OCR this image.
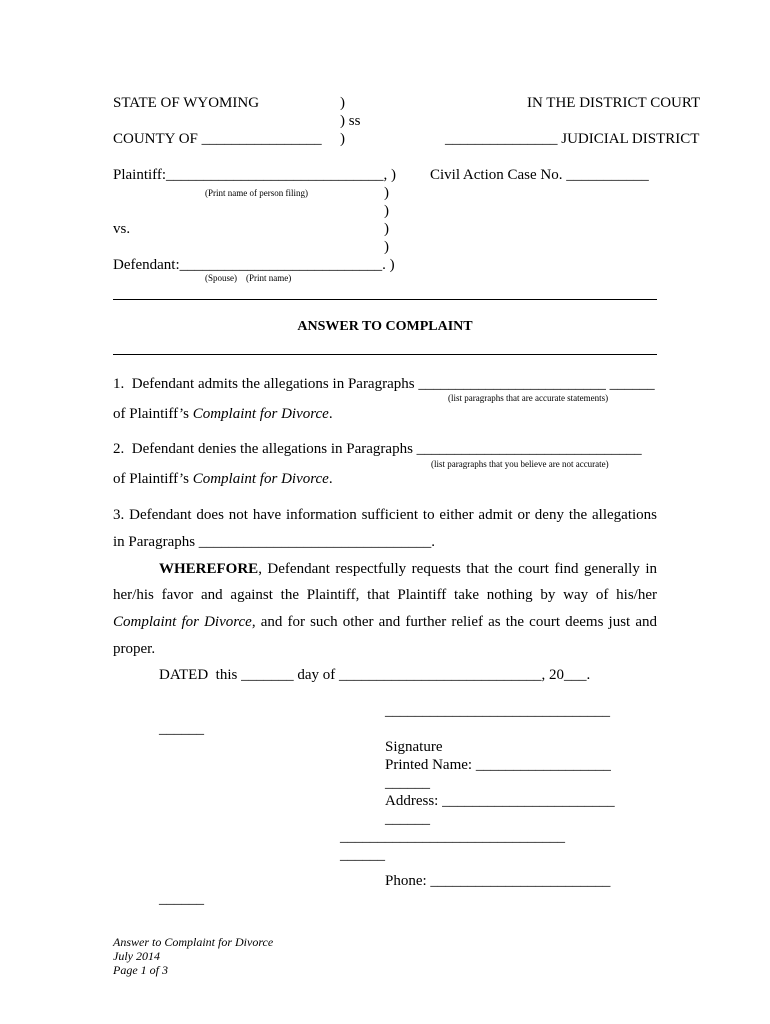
STATE OF WYOMING	)	IN THE DISTRICT COURT
) ss
COUNTY OF ________________ )	_______________ JUDICIAL DISTRICT
Plaintiff:_____________________________, ) Civil Action Case No. ___________
(Print name of person filing)	)
)
vs.	)
)
Defendant:___________________________. )
(Spouse)    (Print name)
ANSWER TO COMPLAINT
1.  Defendant admits the allegations in Paragraphs _________________________ ______
(list paragraphs that are accurate statements)
of Plaintiff’s Complaint for Divorce.
2.  Defendant denies the allegations in Paragraphs ______________________________
(list paragraphs that you believe are not accurate)
of Plaintiff’s Complaint for Divorce.
3. Defendant does not have information sufficient to either admit or deny the allegations
in Paragraphs _______________________________.
WHEREFORE, Defendant respectfully requests that the court find generally in
her/his favor and against the Plaintiff, that Plaintiff take nothing by way of his/her
Complaint for Divorce, and for such other and further relief as the court deems just and
proper.
DATED  this _______ day of ___________________________, 20___.
______________________________
______
Signature
Printed Name: __________________
______
Address: _______________________
______
______________________________
______
Phone: ________________________
______
Answer to Complaint for Divorce
July 2014
Page 1 of 3
